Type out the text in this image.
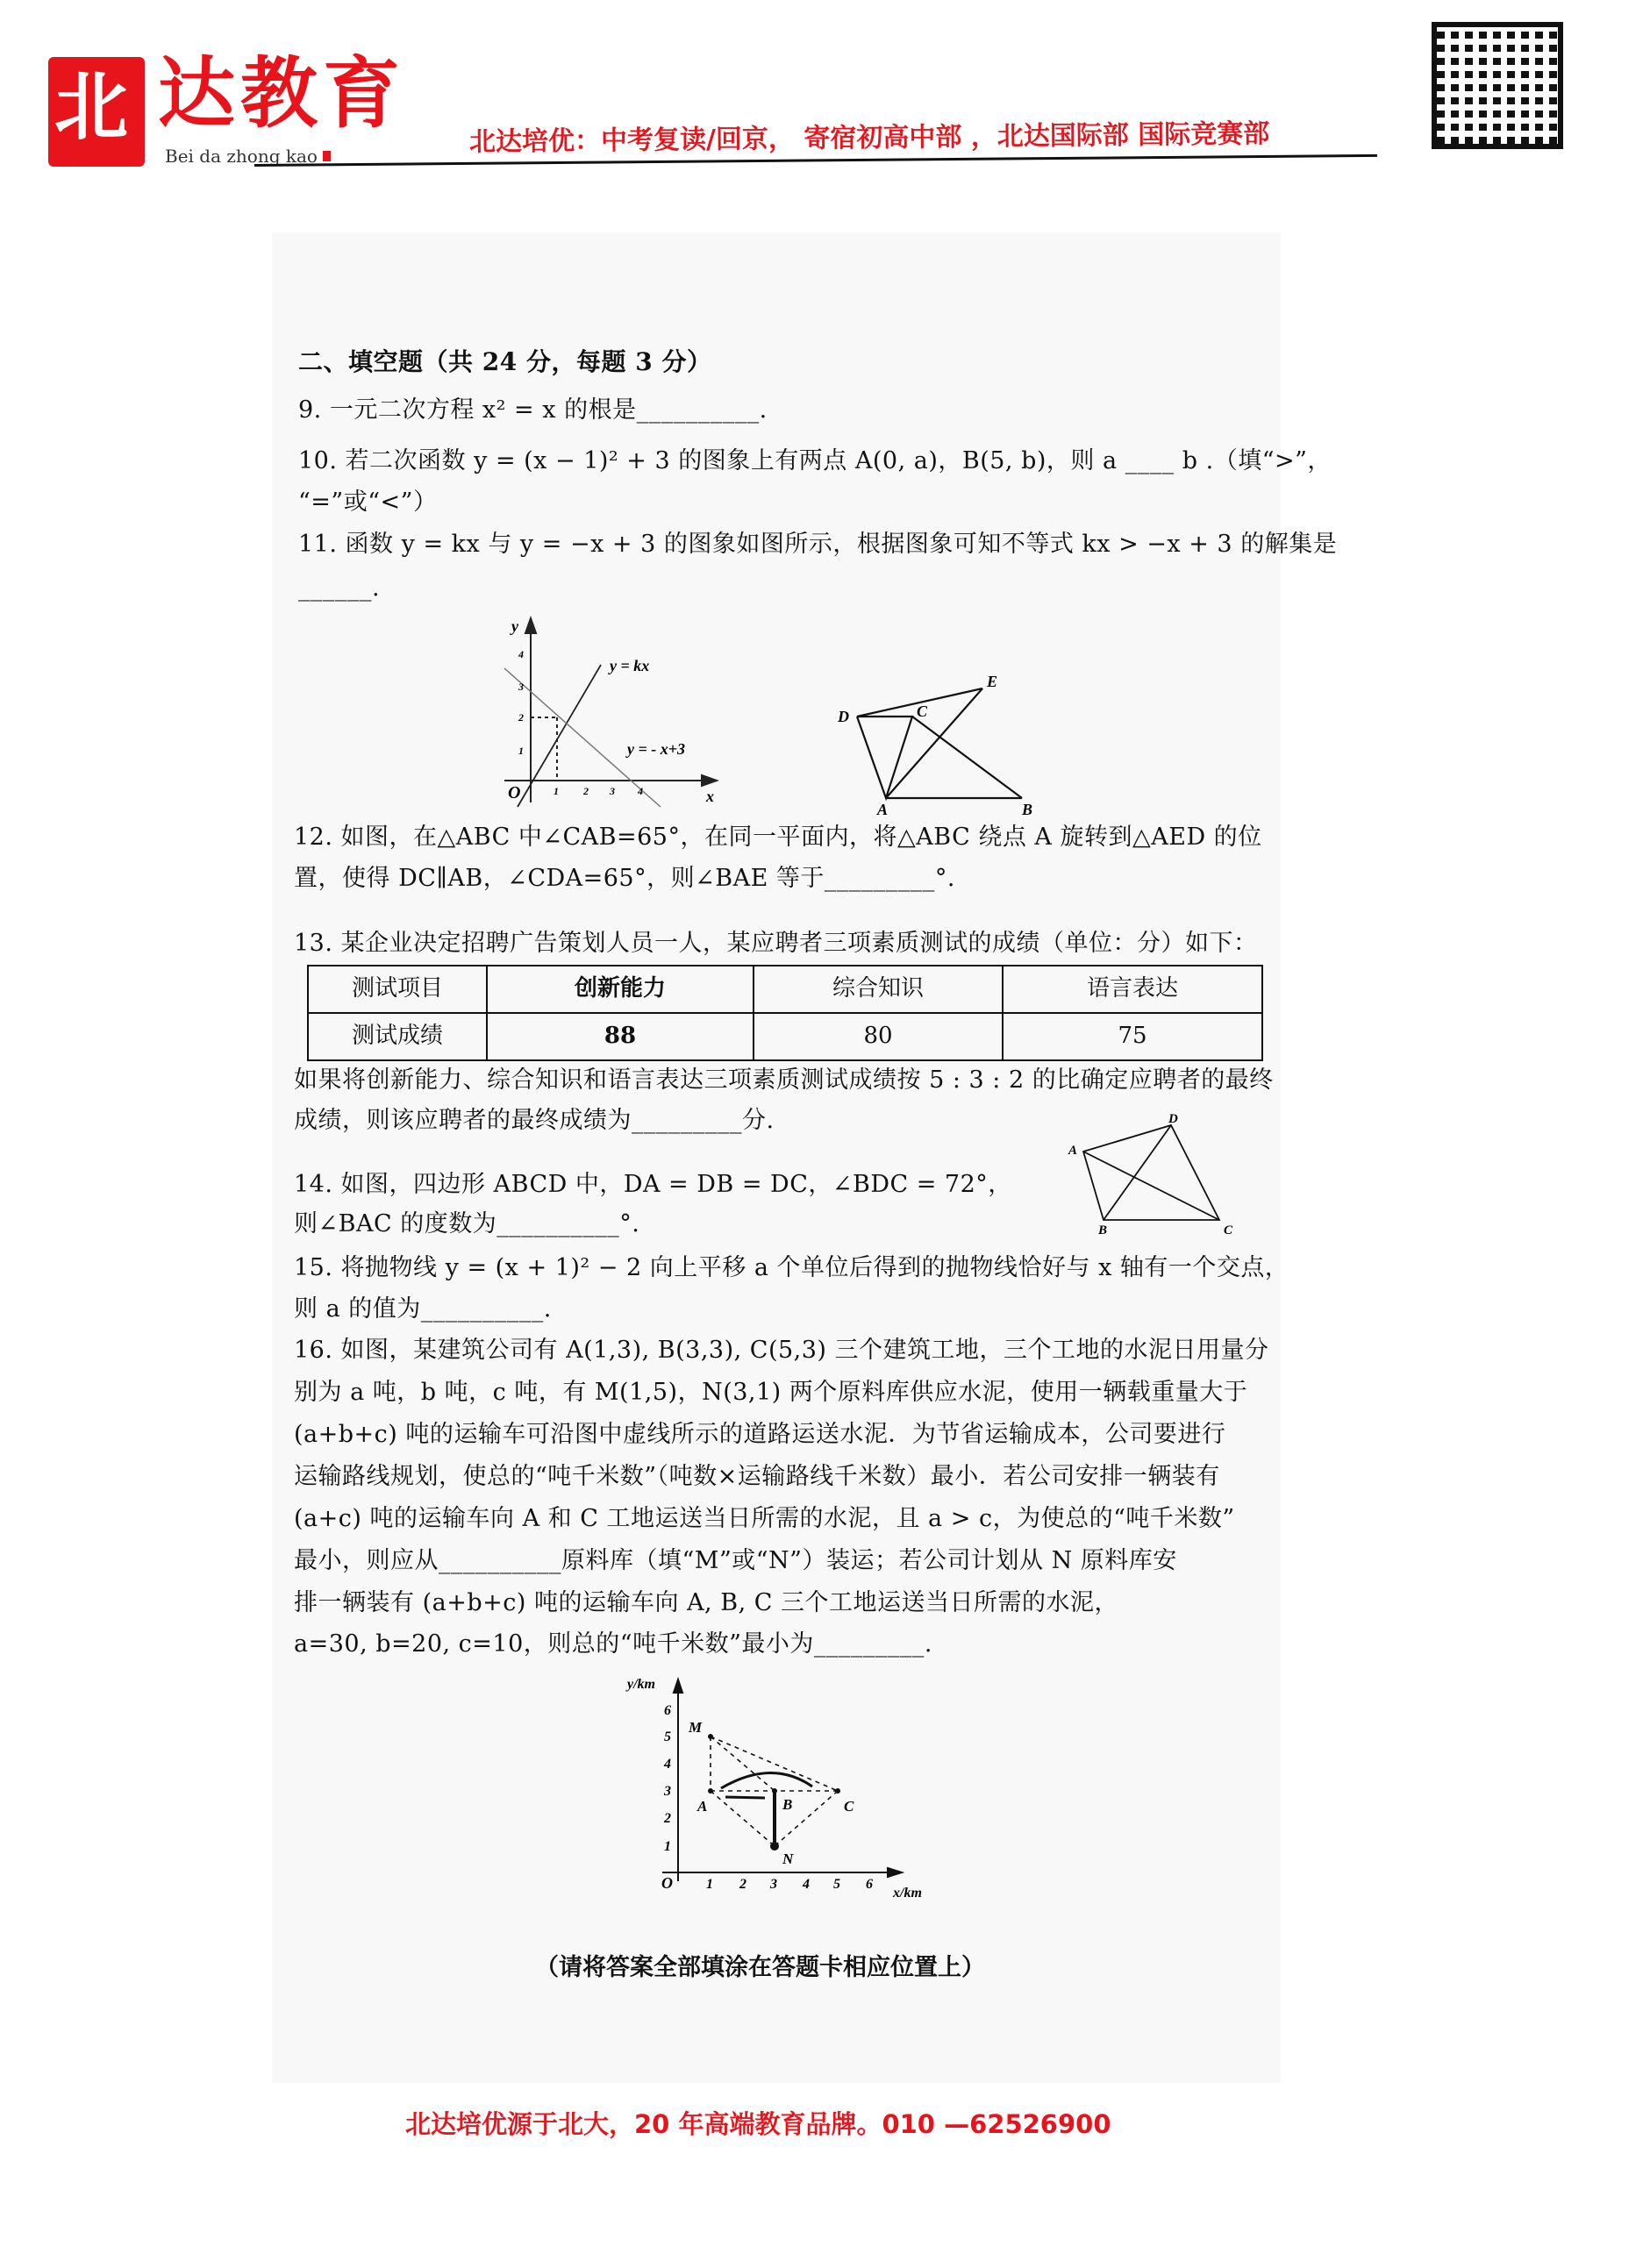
北 达教育
Bei da zhong kao	北达培优：中考复读/回京， 寄宿初高中部 ，北达国际部 国际竞赛部
二、填空题（共 24 分，每题 3 分）
9. 一元二次方程 x² = x 的根是__________.
10. 若二次函数 y = (x − 1)² + 3 的图象上有两点 A(0, a)，B(5, b)，则 a ____ b .（填“>”，
“=”或“<”）
11. 函数 y = kx 与 y = −x + 3 的图象如图所示，根据图象可知不等式 kx > −x + 3 的解集是
______.
y
O	x
y = kx
y = - x+3
1 2 3 4
1
2
3
4
D	C
E
A	B
12. 如图，在△ABC 中∠CAB=65°，在同一平面内，将△ABC 绕点 A 旋转到△AED 的位
置，使得 DC∥AB，∠CDA=65°，则∠BAE 等于_________°.
13. 某企业决定招聘广告策划人员一人，某应聘者三项素质测试的成绩（单位：分）如下：
测试项目	创新能力	综合知识	语言表达
测试成绩	88	80	75
如果将创新能力、综合知识和语言表达三项素质测试成绩按 5 : 3 : 2 的比确定应聘者的最终
成绩，则该应聘者的最终成绩为_________分.
A
D
B	C
14. 如图，四边形 ABCD 中，DA = DB = DC，∠BDC = 72°，
则∠BAC 的度数为__________°.
15. 将抛物线 y = (x + 1)² − 2 向上平移 a 个单位后得到的抛物线恰好与 x 轴有一个交点，
则 a 的值为__________.
16. 如图，某建筑公司有 A(1,3), B(3,3), C(5,3) 三个建筑工地，三个工地的水泥日用量分
别为 a 吨，b 吨，c 吨，有 M(1,5)，N(3,1) 两个原料库供应水泥，使用一辆载重量大于
(a+b+c) 吨的运输车可沿图中虚线所示的道路运送水泥．为节省运输成本，公司要进行
运输路线规划，使总的“吨千米数”（吨数×运输路线千米数）最小．若公司安排一辆装有
(a+c) 吨的运输车向 A 和 C 工地运送当日所需的水泥，且 a > c，为使总的“吨千米数”
最小，则应从__________原料库（填“M”或“N”）装运；若公司计划从 N 原料库安
排一辆装有 (a+b+c) 吨的运输车向 A, B, C 三个工地运送当日所需的水泥，
a=30, b=20, c=10，则总的“吨千米数”最小为_________.
y/km
x/km
O 1 2 3 4 5 6
1
2
3
4
5
6
M
A	B	C
N
（请将答案全部填涂在答题卡相应位置上）
北达培优源于北大，20 年高端教育品牌。010 —62526900
